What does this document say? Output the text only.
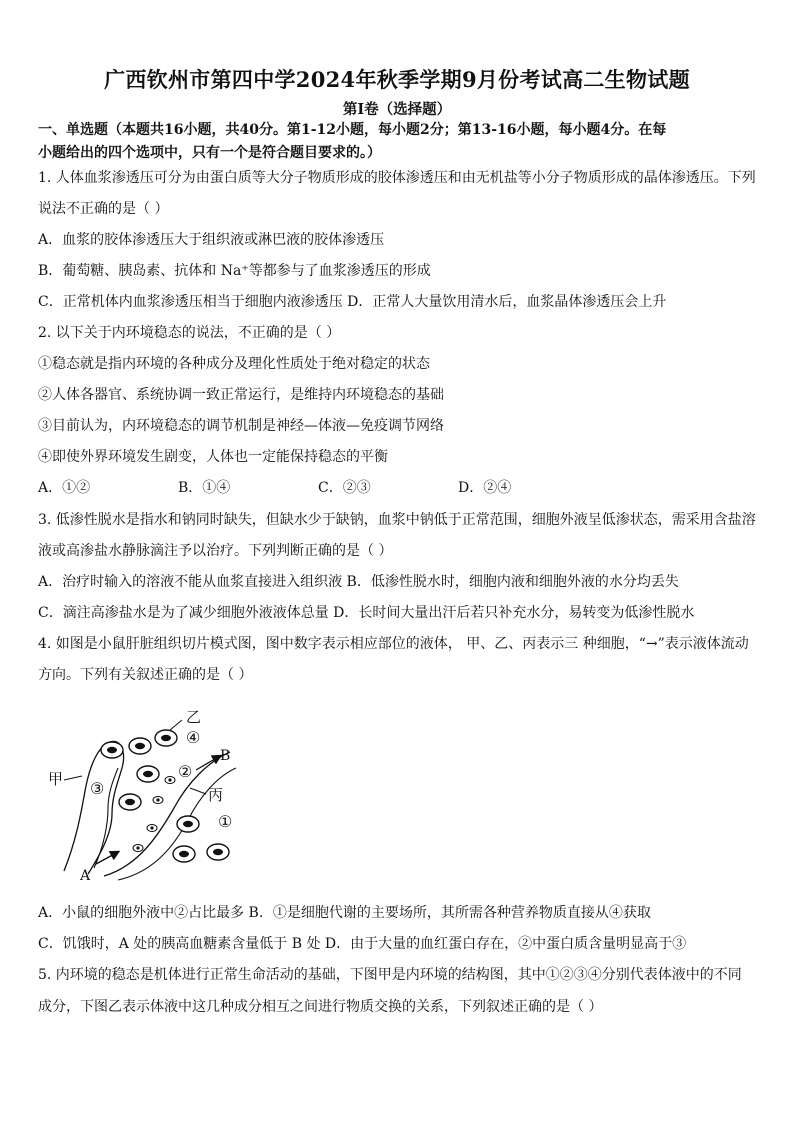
广西钦州市第四中学2024年秋季学期9月份考试高二生物试题
第I卷（选择题）
一、单选题（本题共16小题，共40分。第1-12小题，每小题2分；第13-16小题，每小题4分。在每
小题给出的四个选项中，只有一个是符合题目要求的。）
1. 人体血浆渗透压可分为由蛋白质等大分子物质形成的胶体渗透压和由无机盐等小分子物质形成的晶体渗透压。下列
说法不正确的是（ ）
A．血浆的胶体渗透压大于组织液或淋巴液的胶体渗透压
B．葡萄糖、胰岛素、抗体和 Na⁺等都参与了血浆渗透压的形成
C．正常机体内血浆渗透压相当于细胞内液渗透压 D．正常人大量饮用清水后，血浆晶体渗透压会上升
2. 以下关于内环境稳态的说法，不正确的是（ ）
①稳态就是指内环境的各种成分及理化性质处于绝对稳定的状态
②人体各器官、系统协调一致正常运行，是维持内环境稳态的基础
③目前认为，内环境稳态的调节机制是神经—体液—免疫调节网络
④即使外界环境发生剧变，人体也一定能保持稳态的平衡
A．①②	B．①④	C．②③	D．②④
3. 低渗性脱水是指水和钠同时缺失，但缺水少于缺钠，血浆中钠低于正常范围，细胞外液呈低渗状态，需采用含盐溶
液或高渗盐水静脉滴注予以治疗。下列判断正确的是（ ）
A．治疗时输入的溶液不能从血浆直接进入组织液 B．低渗性脱水时，细胞内液和细胞外液的水分均丢失
C．滴注高渗盐水是为了减少细胞外液液体总量 D．长时间大量出汗后若只补充水分，易转变为低渗性脱水
4. 如图是小鼠肝脏组织切片模式图，图中数字表示相应部位的液体， 甲、乙、丙表示三 种细胞，“→”表示液体流动
方向。下列有关叙述正确的是（ ）
甲
乙
丙
①
②
③
④
A
B
A．小鼠的细胞外液中②占比最多 B．①是细胞代谢的主要场所，其所需各种营养物质直接从④获取
C．饥饿时，A 处的胰高血糖素含量低于 B 处 D．由于大量的血红蛋白存在，②中蛋白质含量明显高于③
5. 内环境的稳态是机体进行正常生命活动的基础，下图甲是内环境的结构图，其中①②③④分别代表体液中的不同
成分，下图乙表示体液中这几种成分相互之间进行物质交换的关系，下列叙述正确的是（ ）
